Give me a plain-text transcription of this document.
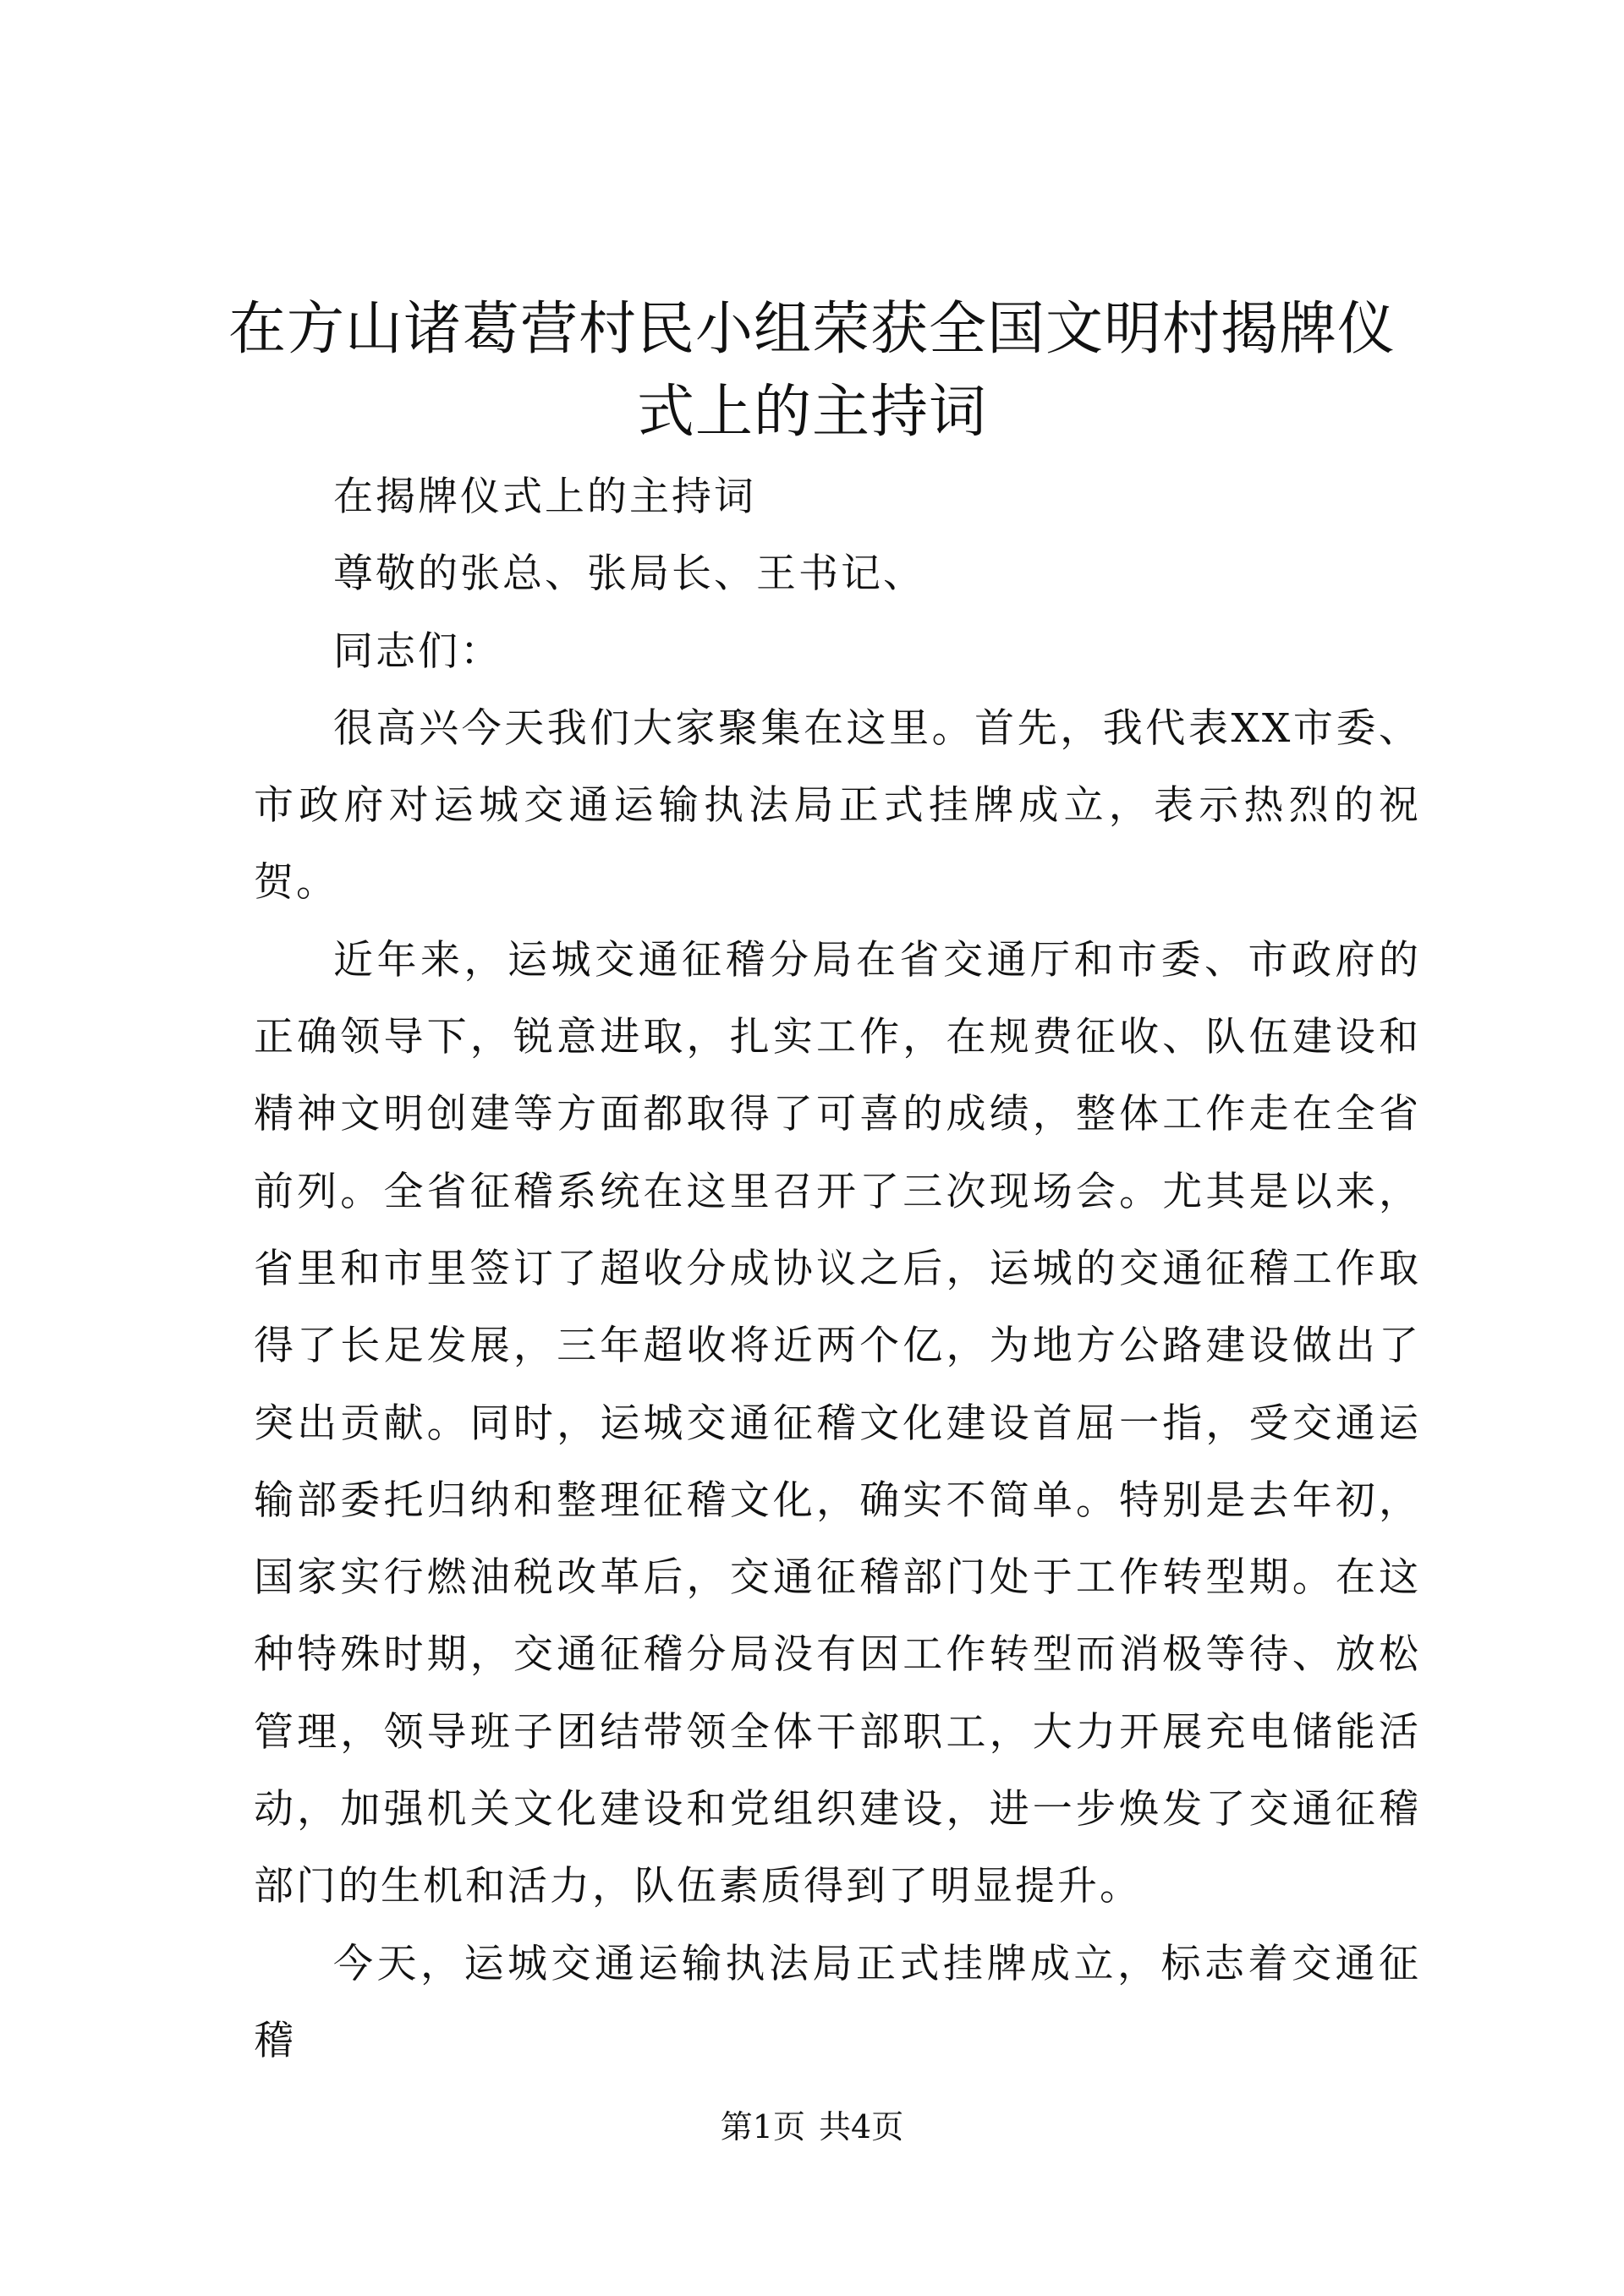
在方山诸葛营村民小组荣获全国文明村揭牌仪
式上的主持词

在揭牌仪式上的主持词

尊敬的张总、张局长、王书记、

同志们：

很高兴今天我们大家聚集在这里。首先，我代表XX市委、市政府对运城交通运输执法局正式挂牌成立，表示热烈的祝贺。

近年来，运城交通征稽分局在省交通厅和市委、市政府的正确领导下，锐意进取，扎实工作，在规费征收、队伍建设和精神文明创建等方面都取得了可喜的成绩，整体工作走在全省前列。全省征稽系统在这里召开了三次现场会。尤其是以来，省里和市里签订了超收分成协议之后，运城的交通征稽工作取得了长足发展，三年超收将近两个亿，为地方公路建设做出了突出贡献。同时，运城交通征稽文化建设首屈一指，受交通运输部委托归纳和整理征稽文化，确实不简单。特别是去年初，国家实行燃油税改革后，交通征稽部门处于工作转型期。在这种特殊时期，交通征稽分局没有因工作转型而消极等待、放松管理，领导班子团结带领全体干部职工，大力开展充电储能活动，加强机关文化建设和党组织建设，进一步焕发了交通征稽部门的生机和活力，队伍素质得到了明显提升。

今天，运城交通运输执法局正式挂牌成立，标志着交通征稽

第1页 共4页
